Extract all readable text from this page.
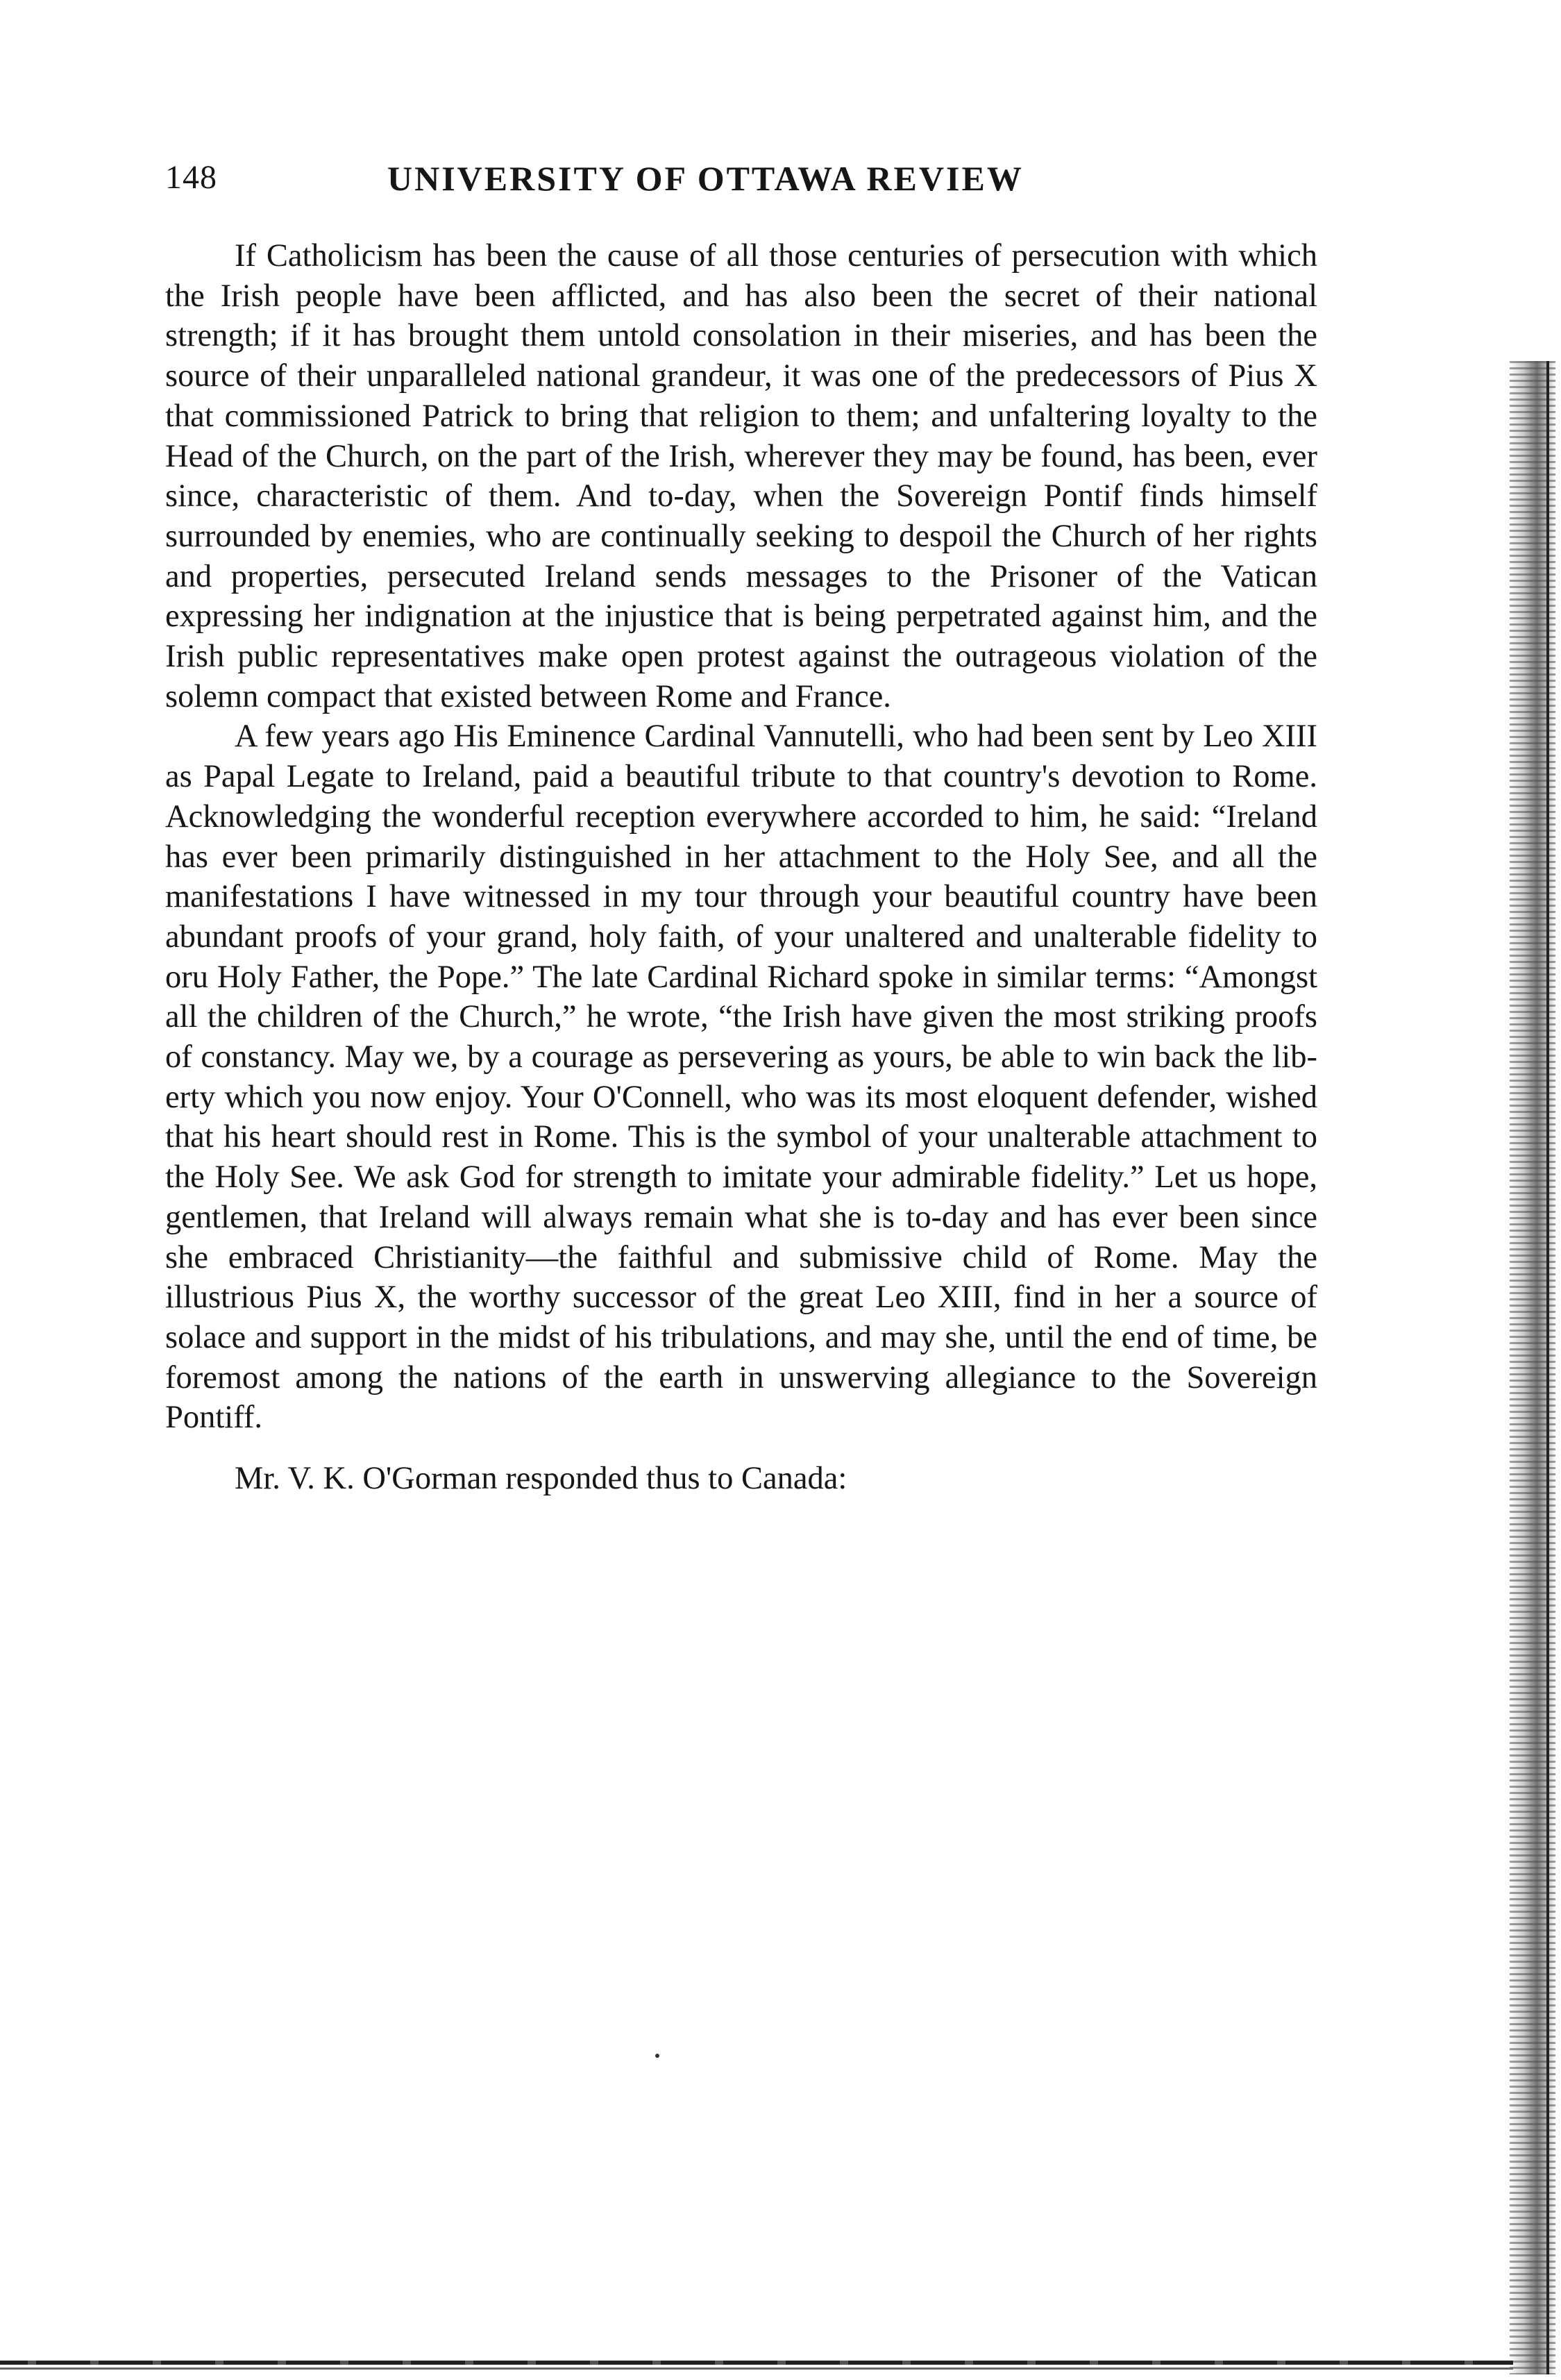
148	UNIVERSITY OF OTTAWA REVIEW

If Catholicism has been the cause of all those centuries of persecution with which the Irish people have been afflicted, and has also been the secret of their national strength; if it has brought them untold consolation in their miseries, and has been the source of their unparalleled national grandeur, it was one of the predecessors of Pius X that commissioned Patrick to bring that religion to them; and unfaltering loyalty to the Head of the Church, on the part of the Irish, wherever they may be found, has been, ever since, characteristic of them. And to-day, when the Sovereign Pontif finds himself surrounded by enemies, who are continually seeking to despoil the Church of her rights and properties, persecuted Ireland sends messages to the Prisoner of the Vatican expressing her indignation at the injustice that is being perpetrated against him, and the Irish public representatives make open protest against the outrageous violation of the solemn compact that existed between Rome and France.

A few years ago His Eminence Cardinal Vannutelli, who had been sent by Leo XIII as Papal Legate to Ireland, paid a beautiful tribute to that country's devotion to Rome. Acknowledging the wonderful reception everywhere accorded to him, he said: “Ireland has ever been primarily distinguished in her attachment to the Holy See, and all the manifestations I have witnessed in my tour through your beautiful country have been abundant proofs of your grand, holy faith, of your unaltered and unalterable fidelity to oru Holy Father, the Pope.” The late Cardinal Richard spoke in similar terms: “Amongst all the children of the Church,” he wrote, “the Irish have given the most striking proofs of constancy. May we, by a courage as persevering as yours, be able to win back the liberty which you now enjoy. Your O'Connell, who was its most eloquent defender, wished that his heart should rest in Rome. This is the symbol of your unalterable attachment to the Holy See. We ask God for strength to imitate your admirable fidelity.” Let us hope, gentlemen, that Ireland will always remain what she is to-day and has ever been since she embraced Christianity—the faithful and submissive child of Rome. May the illustrious Pius X, the worthy successor of the great Leo XIII, find in her a source of solace and support in the midst of his tribulations, and may she, until the end of time, be foremost among the nations of the earth in unswerving allegiance to the Sovereign Pontiff.

Mr. V. K. O'Gorman responded thus to Canada:
